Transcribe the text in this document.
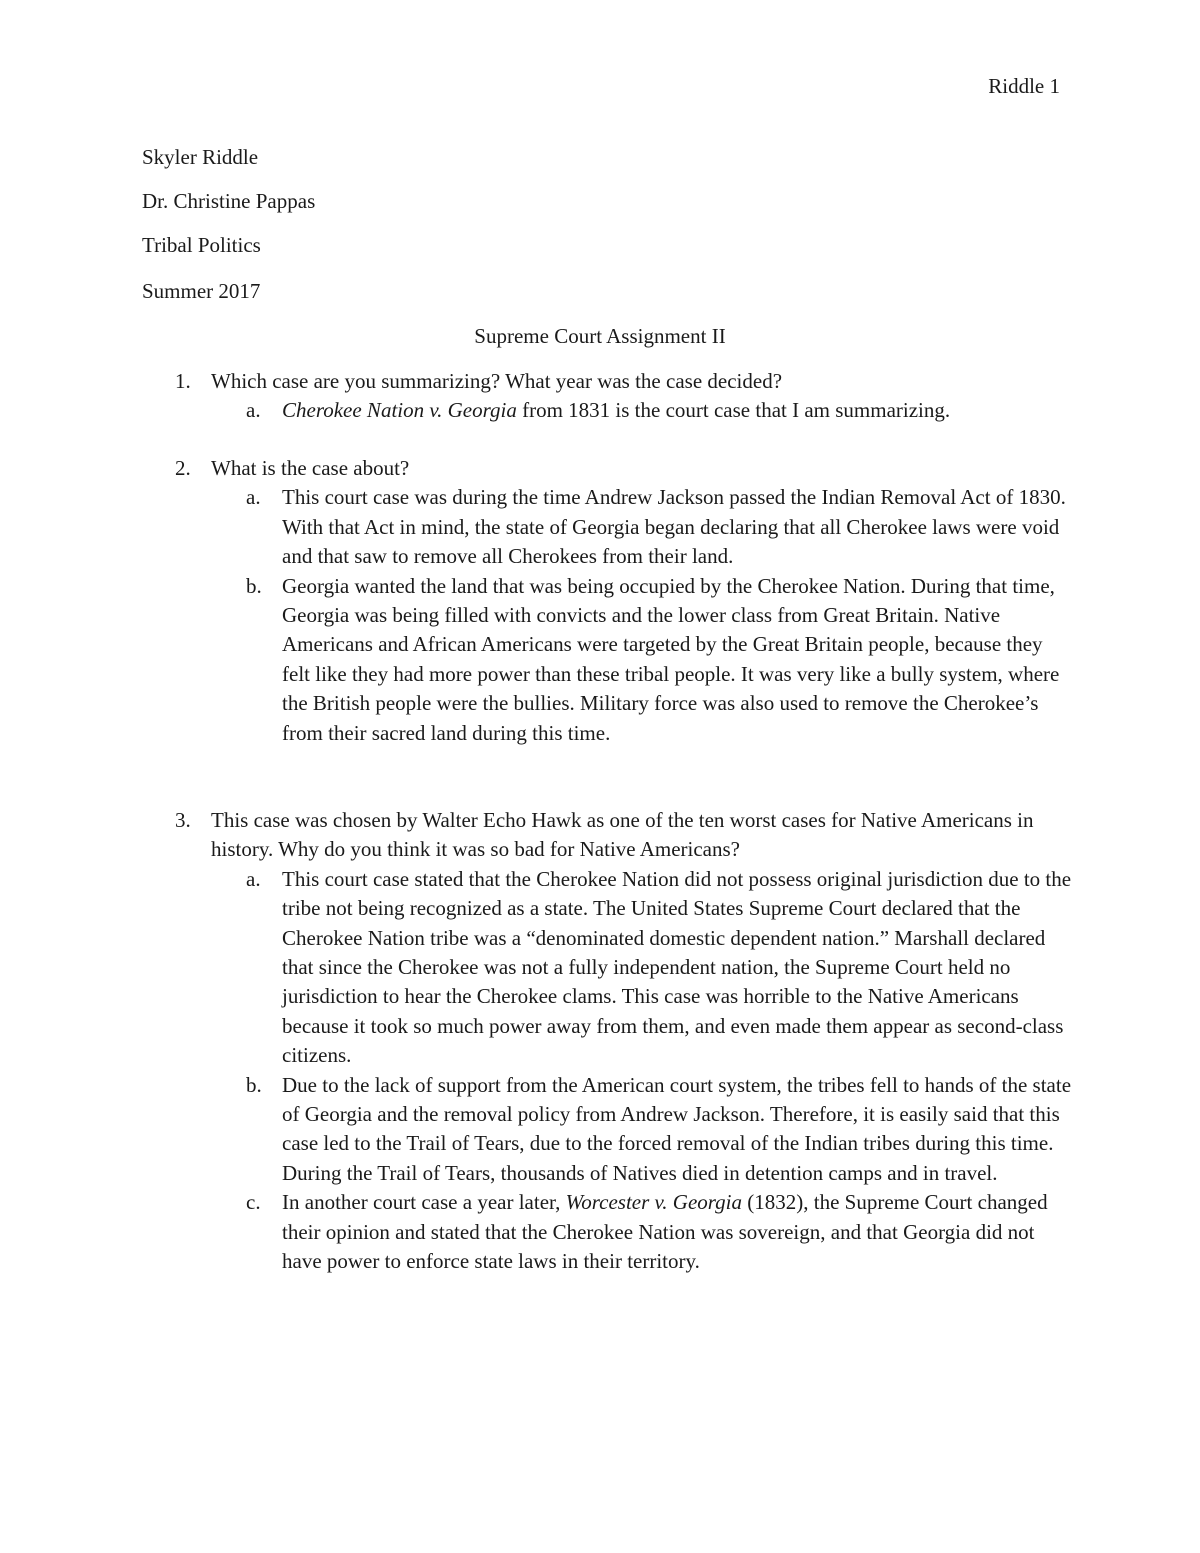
Riddle 1
Skyler Riddle
Dr. Christine Pappas
Tribal Politics
Summer 2017
Supreme Court Assignment II
1. Which case are you summarizing? What year was the case decided?
a. Cherokee Nation v. Georgia from 1831 is the court case that I am summarizing.
2. What is the case about?
a. This court case was during the time Andrew Jackson passed the Indian Removal Act of 1830. With that Act in mind, the state of Georgia began declaring that all Cherokee laws were void and that saw to remove all Cherokees from their land.
b. Georgia wanted the land that was being occupied by the Cherokee Nation. During that time, Georgia was being filled with convicts and the lower class from Great Britain. Native Americans and African Americans were targeted by the Great Britain people, because they felt like they had more power than these tribal people. It was very like a bully system, where the British people were the bullies. Military force was also used to remove the Cherokee’s from their sacred land during this time.
3. This case was chosen by Walter Echo Hawk as one of the ten worst cases for Native Americans in history. Why do you think it was so bad for Native Americans?
a. This court case stated that the Cherokee Nation did not possess original jurisdiction due to the tribe not being recognized as a state. The United States Supreme Court declared that the Cherokee Nation tribe was a “denominated domestic dependent nation.” Marshall declared that since the Cherokee was not a fully independent nation, the Supreme Court held no jurisdiction to hear the Cherokee clams. This case was horrible to the Native Americans because it took so much power away from them, and even made them appear as second-class citizens.
b. Due to the lack of support from the American court system, the tribes fell to hands of the state of Georgia and the removal policy from Andrew Jackson. Therefore, it is easily said that this case led to the Trail of Tears, due to the forced removal of the Indian tribes during this time. During the Trail of Tears, thousands of Natives died in detention camps and in travel.
c. In another court case a year later, Worcester v. Georgia (1832), the Supreme Court changed their opinion and stated that the Cherokee Nation was sovereign, and that Georgia did not have power to enforce state laws in their territory.
